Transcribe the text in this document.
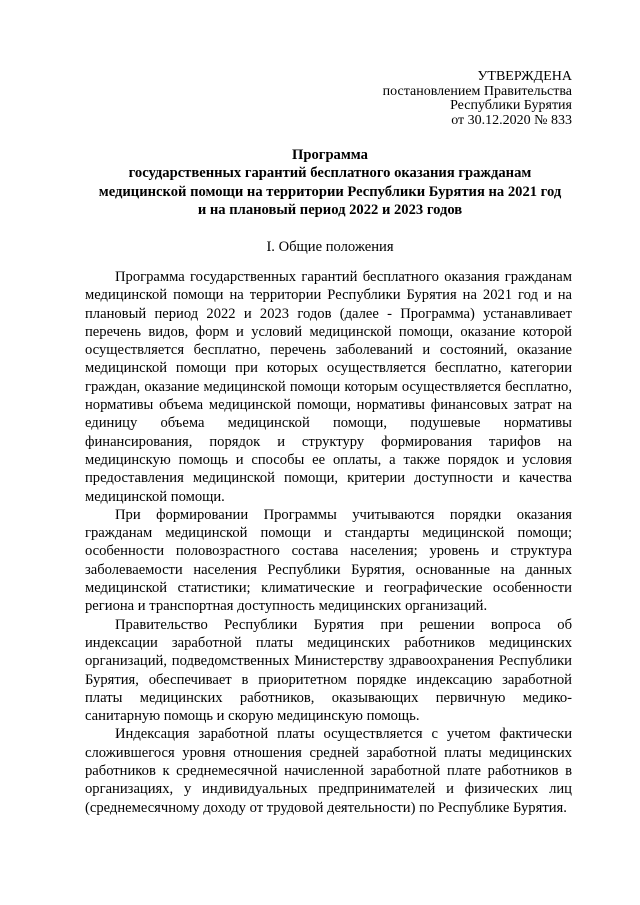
УТВЕРЖДЕНА
постановлением Правительства
Республики Бурятия
от 30.12.2020 № 833
Программа
государственных гарантий бесплатного оказания гражданам
медицинской помощи на территории Республики Бурятия на 2021 год
и на плановый период 2022 и 2023 годов
I. Общие положения

Программа государственных гарантий бесплатного оказания гражданам медицинской помощи на территории Республики Бурятия на 2021 год и на плановый период 2022 и 2023 годов (далее - Программа) устанавливает перечень видов, форм и условий медицинской помощи, оказание которой осуществляется бесплатно, перечень заболеваний и состояний, оказание медицинской помощи при которых осуществляется бесплатно, категории граждан, оказание медицинской помощи которым осуществляется бесплатно, нормативы объема медицинской помощи, нормативы финансовых затрат на единицу объема медицинской помощи, подушевые нормативы финансирования, порядок и структуру формирования тарифов на медицинскую помощь и способы ее оплаты, а также порядок и условия предоставления медицинской помощи, критерии доступности и качества медицинской помощи.

При формировании Программы учитываются порядки оказания гражданам медицинской помощи и стандарты медицинской помощи; особенности половозрастного состава населения; уровень и структура заболеваемости населения Республики Бурятия, основанные на данных медицинской статистики; климатические и географические особенности региона и транспортная доступность медицинских организаций.

Правительство Республики Бурятия при решении вопроса об индексации заработной платы медицинских работников медицинских организаций, подведомственных Министерству здравоохранения Республики Бурятия, обеспечивает в приоритетном порядке индексацию заработной платы медицинских работников, оказывающих первичную медико-санитарную помощь и скорую медицинскую помощь.

Индексация заработной платы осуществляется с учетом фактически сложившегося уровня отношения средней заработной платы медицинских работников к среднемесячной начисленной заработной плате работников в организациях, у индивидуальных предпринимателей и физических лиц (среднемесячному доходу от трудовой деятельности) по Республике Бурятия.
